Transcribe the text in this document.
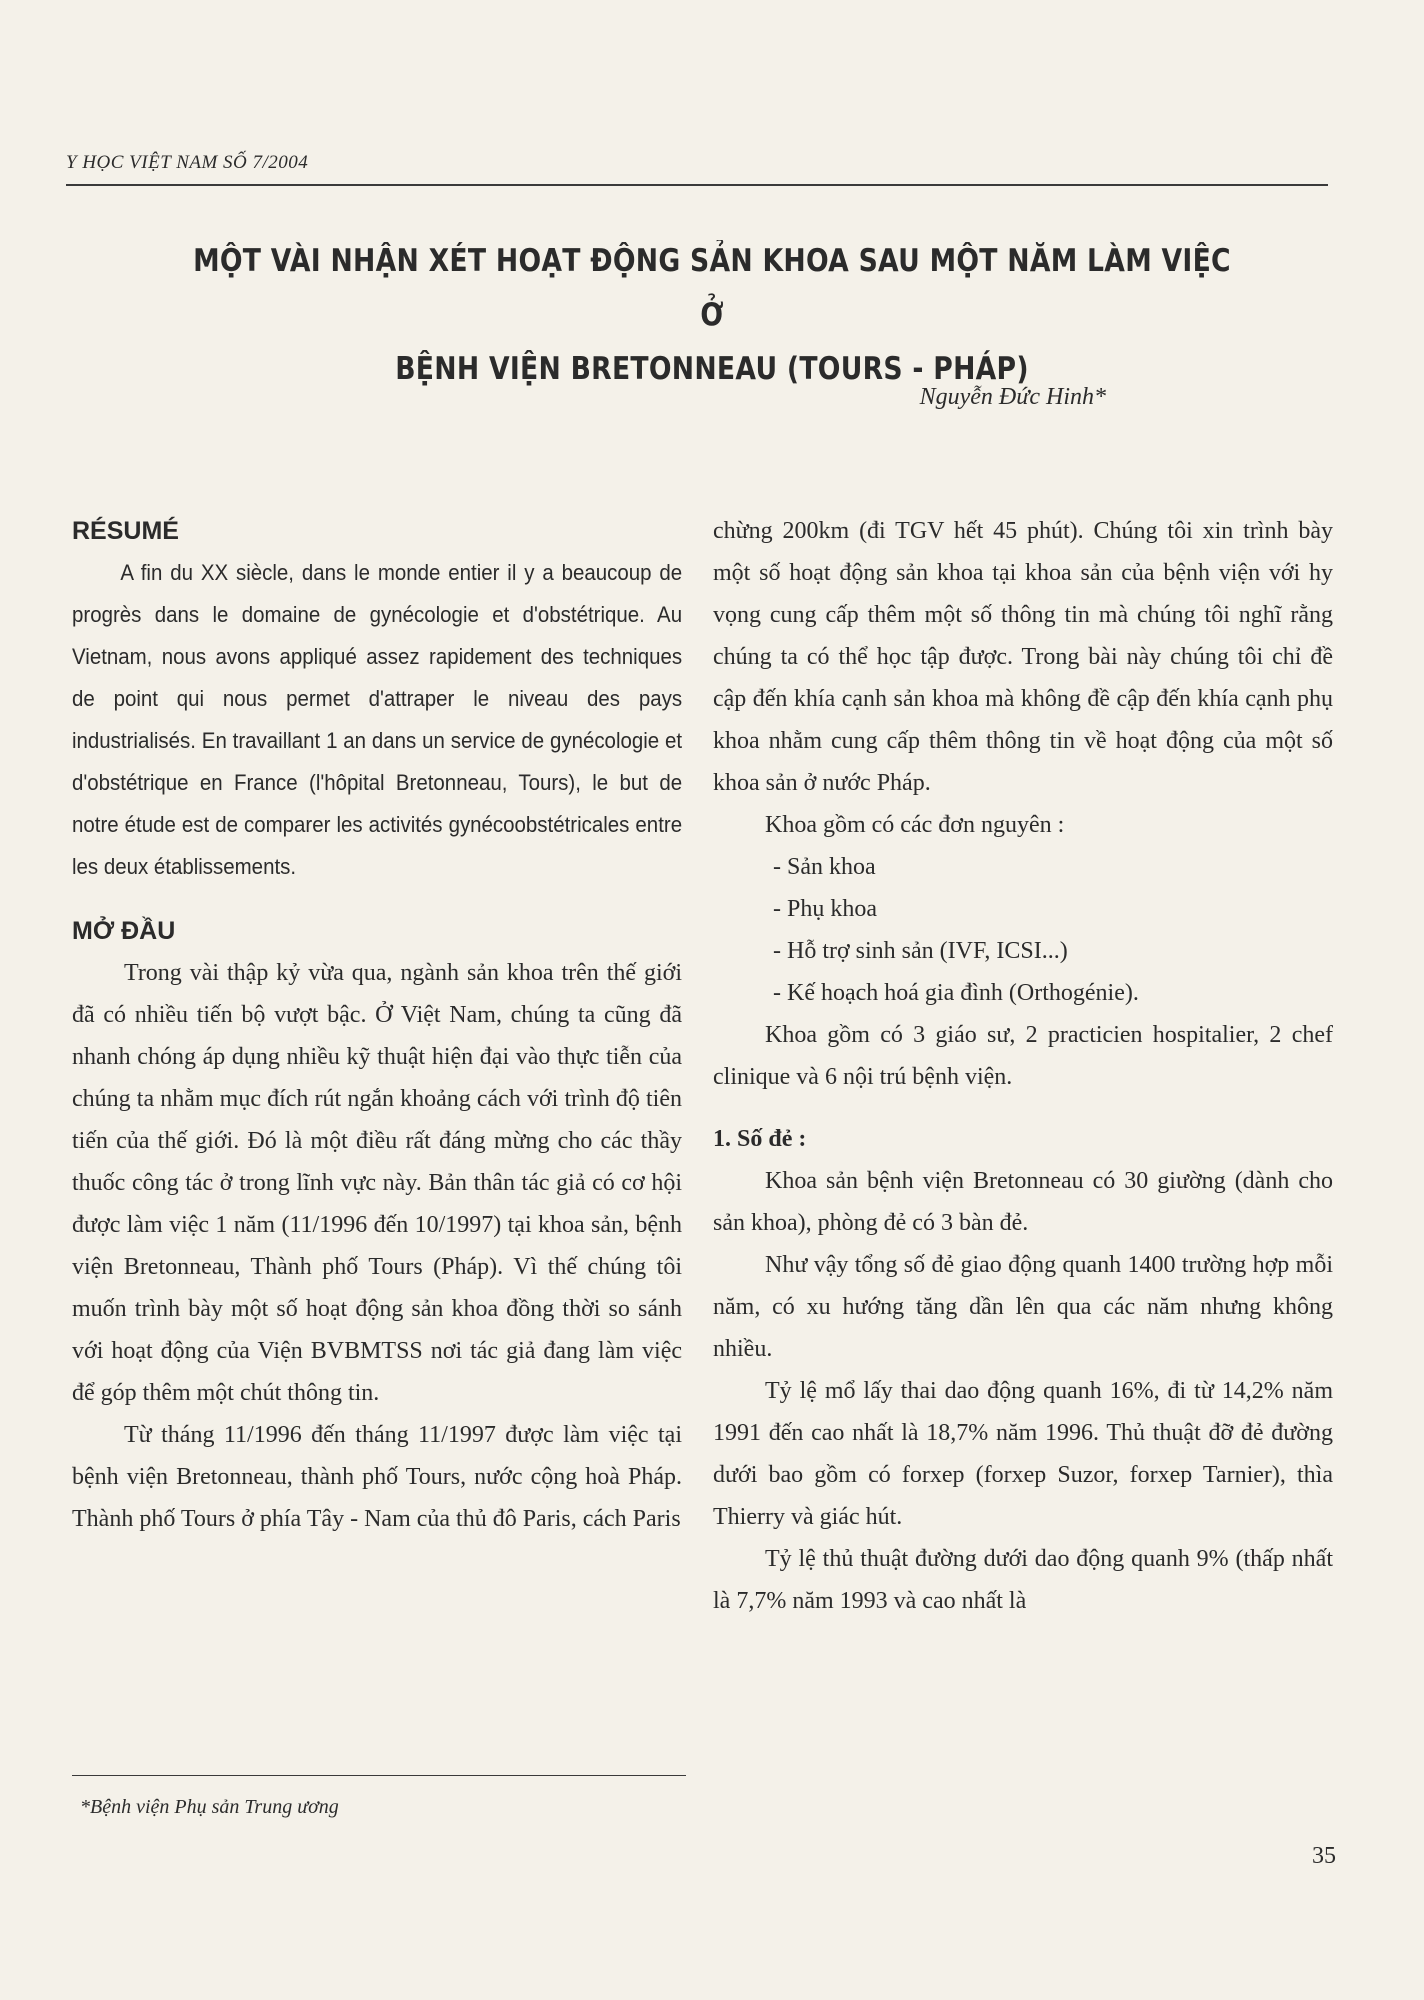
Y HỌC VIỆT NAM SỐ 7/2004
MỘT VÀI NHẬN XÉT HOẠT ĐỘNG SẢN KHOA SAU MỘT NĂM LÀM VIỆC Ở
BỆNH VIỆN BRETONNEAU (TOURS - PHÁP)
Nguyễn Đức Hinh*
RÉSUMÉ

A fin du XX siècle, dans le monde entier il y a beaucoup de progrès dans le domaine de gynécologie et d'obstétrique. Au Vietnam, nous avons appliqué assez rapidement des techniques de point qui nous permet d'attraper le niveau des pays industrialisés. En travaillant 1 an dans un service de gynécologie et d'obstétrique en France (l'hôpital Bretonneau, Tours), le but de notre étude est de comparer les activités gynécoobstétricales entre les deux établissements.

MỞ ĐẦU

Trong vài thập kỷ vừa qua, ngành sản khoa trên thế giới đã có nhiều tiến bộ vượt bậc. Ở Việt Nam, chúng ta cũng đã nhanh chóng áp dụng nhiều kỹ thuật hiện đại vào thực tiễn của chúng ta nhằm mục đích rút ngắn khoảng cách với trình độ tiên tiến của thế giới. Đó là một điều rất đáng mừng cho các thầy thuốc công tác ở trong lĩnh vực này. Bản thân tác giả có cơ hội được làm việc 1 năm (11/1996 đến 10/1997) tại khoa sản, bệnh viện Bretonneau, Thành phố Tours (Pháp). Vì thế chúng tôi muốn trình bày một số hoạt động sản khoa đồng thời so sánh với hoạt động của Viện BVBMTSS nơi tác giả đang làm việc để góp thêm một chút thông tin.

Từ tháng 11/1996 đến tháng 11/1997 được làm việc tại bệnh viện Bretonneau, thành phố Tours, nước cộng hoà Pháp. Thành phố Tours ở phía Tây - Nam của thủ đô Paris, cách Paris

chừng 200km (đi TGV hết 45 phút). Chúng tôi xin trình bày một số hoạt động sản khoa tại khoa sản của bệnh viện với hy vọng cung cấp thêm một số thông tin mà chúng tôi nghĩ rằng chúng ta có thể học tập được. Trong bài này chúng tôi chỉ đề cập đến khía cạnh sản khoa mà không đề cập đến khía cạnh phụ khoa nhằm cung cấp thêm thông tin về hoạt động của một số khoa sản ở nước Pháp.

Khoa gồm có các đơn nguyên :

- Sản khoa

- Phụ khoa

- Hỗ trợ sinh sản (IVF, ICSI...)

- Kế hoạch hoá gia đình (Orthogénie).

Khoa gồm có 3 giáo sư, 2 practicien hospitalier, 2 chef clinique và 6 nội trú bệnh viện.

1. Số đẻ :

Khoa sản bệnh viện Bretonneau có 30 giường (dành cho sản khoa), phòng đẻ có 3 bàn đẻ.

Như vậy tổng số đẻ giao động quanh 1400 trường hợp mỗi năm, có xu hướng tăng dần lên qua các năm nhưng không nhiều.

Tỷ lệ mổ lấy thai dao động quanh 16%, đi từ 14,2% năm 1991 đến cao nhất là 18,7% năm 1996. Thủ thuật đỡ đẻ đường dưới bao gồm có forxep (forxep Suzor, forxep Tarnier), thìa Thierry và giác hút.

Tỷ lệ thủ thuật đường dưới dao động quanh 9% (thấp nhất là 7,7% năm 1993 và cao nhất là

*Bệnh viện Phụ sản Trung ương
35
